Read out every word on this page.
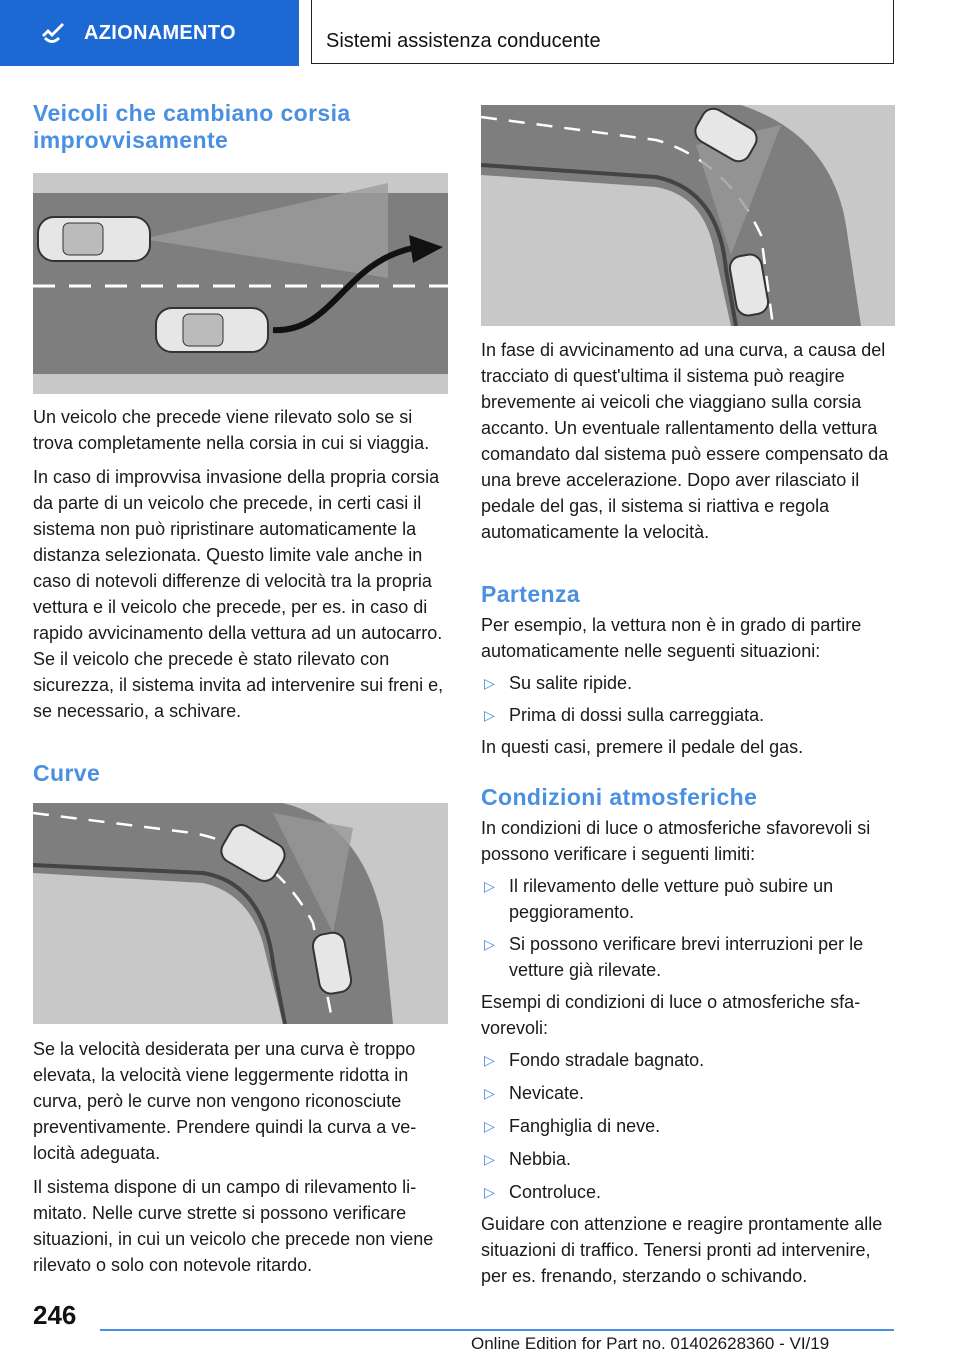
AZIONAMENTO	Sistemi assistenza conducente
Veicoli che cambiano corsia improvvisamente

Un veicolo che precede viene rilevato solo se si trova completamente nella corsia in cui si viaggia.

In caso di improvvisa invasione della propria corsia da parte di un veicolo che precede, in certi casi il sistema non può ripristinare automaticamente la distanza selezionata. Questo limite vale anche in caso di notevoli differenze di velocità tra la propria vettura e il veicolo che precede, per es. in caso di rapido avvicinamento della vettura ad un autocarro. Se il veicolo che precede è stato rilevato con sicurezza, il sistema invita ad intervenire sui freni e, se necessario, a schivare.

Curve

Se la velocità desiderata per una curva è troppo elevata, la velocità viene leggermente ridotta in curva, però le curve non vengono riconosciute preventivamente. Prendere quindi la curva a velocità adeguata.

Il sistema dispone di un campo di rilevamento limitato. Nelle curve strette si possono verificare situazioni, in cui un veicolo che precede non viene rilevato o solo con notevole ritardo.

In fase di avvicinamento ad una curva, a causa del tracciato di quest'ultima il sistema può reagire brevemente ai veicoli che viaggiano sulla corsia accanto. Un eventuale rallentamento della vettura comandato dal sistema può essere compensato da una breve accelerazione. Dopo aver rilasciato il pedale del gas, il sistema si riattiva e regola automaticamente la velocità.

Partenza

Per esempio, la vettura non è in grado di partire automaticamente nelle seguenti situazioni:

▷ Su salite ripide.
▷ Prima di dossi sulla carreggiata.

In questi casi, premere il pedale del gas.

Condizioni atmosferiche

In condizioni di luce o atmosferiche sfavorevoli si possono verificare i seguenti limiti:

▷ Il rilevamento delle vetture può subire un peggioramento.
▷ Si possono verificare brevi interruzioni per le vetture già rilevate.

Esempi di condizioni di luce o atmosferiche sfavorevoli:

▷ Fondo stradale bagnato.
▷ Nevicate.
▷ Fanghiglia di neve.
▷ Nebbia.
▷ Controluce.

Guidare con attenzione e reagire prontamente alle situazioni di traffico. Tenersi pronti ad intervenire, per es. frenando, sterzando o schivando.

246
Online Edition for Part no. 01402628360 - VI/19
